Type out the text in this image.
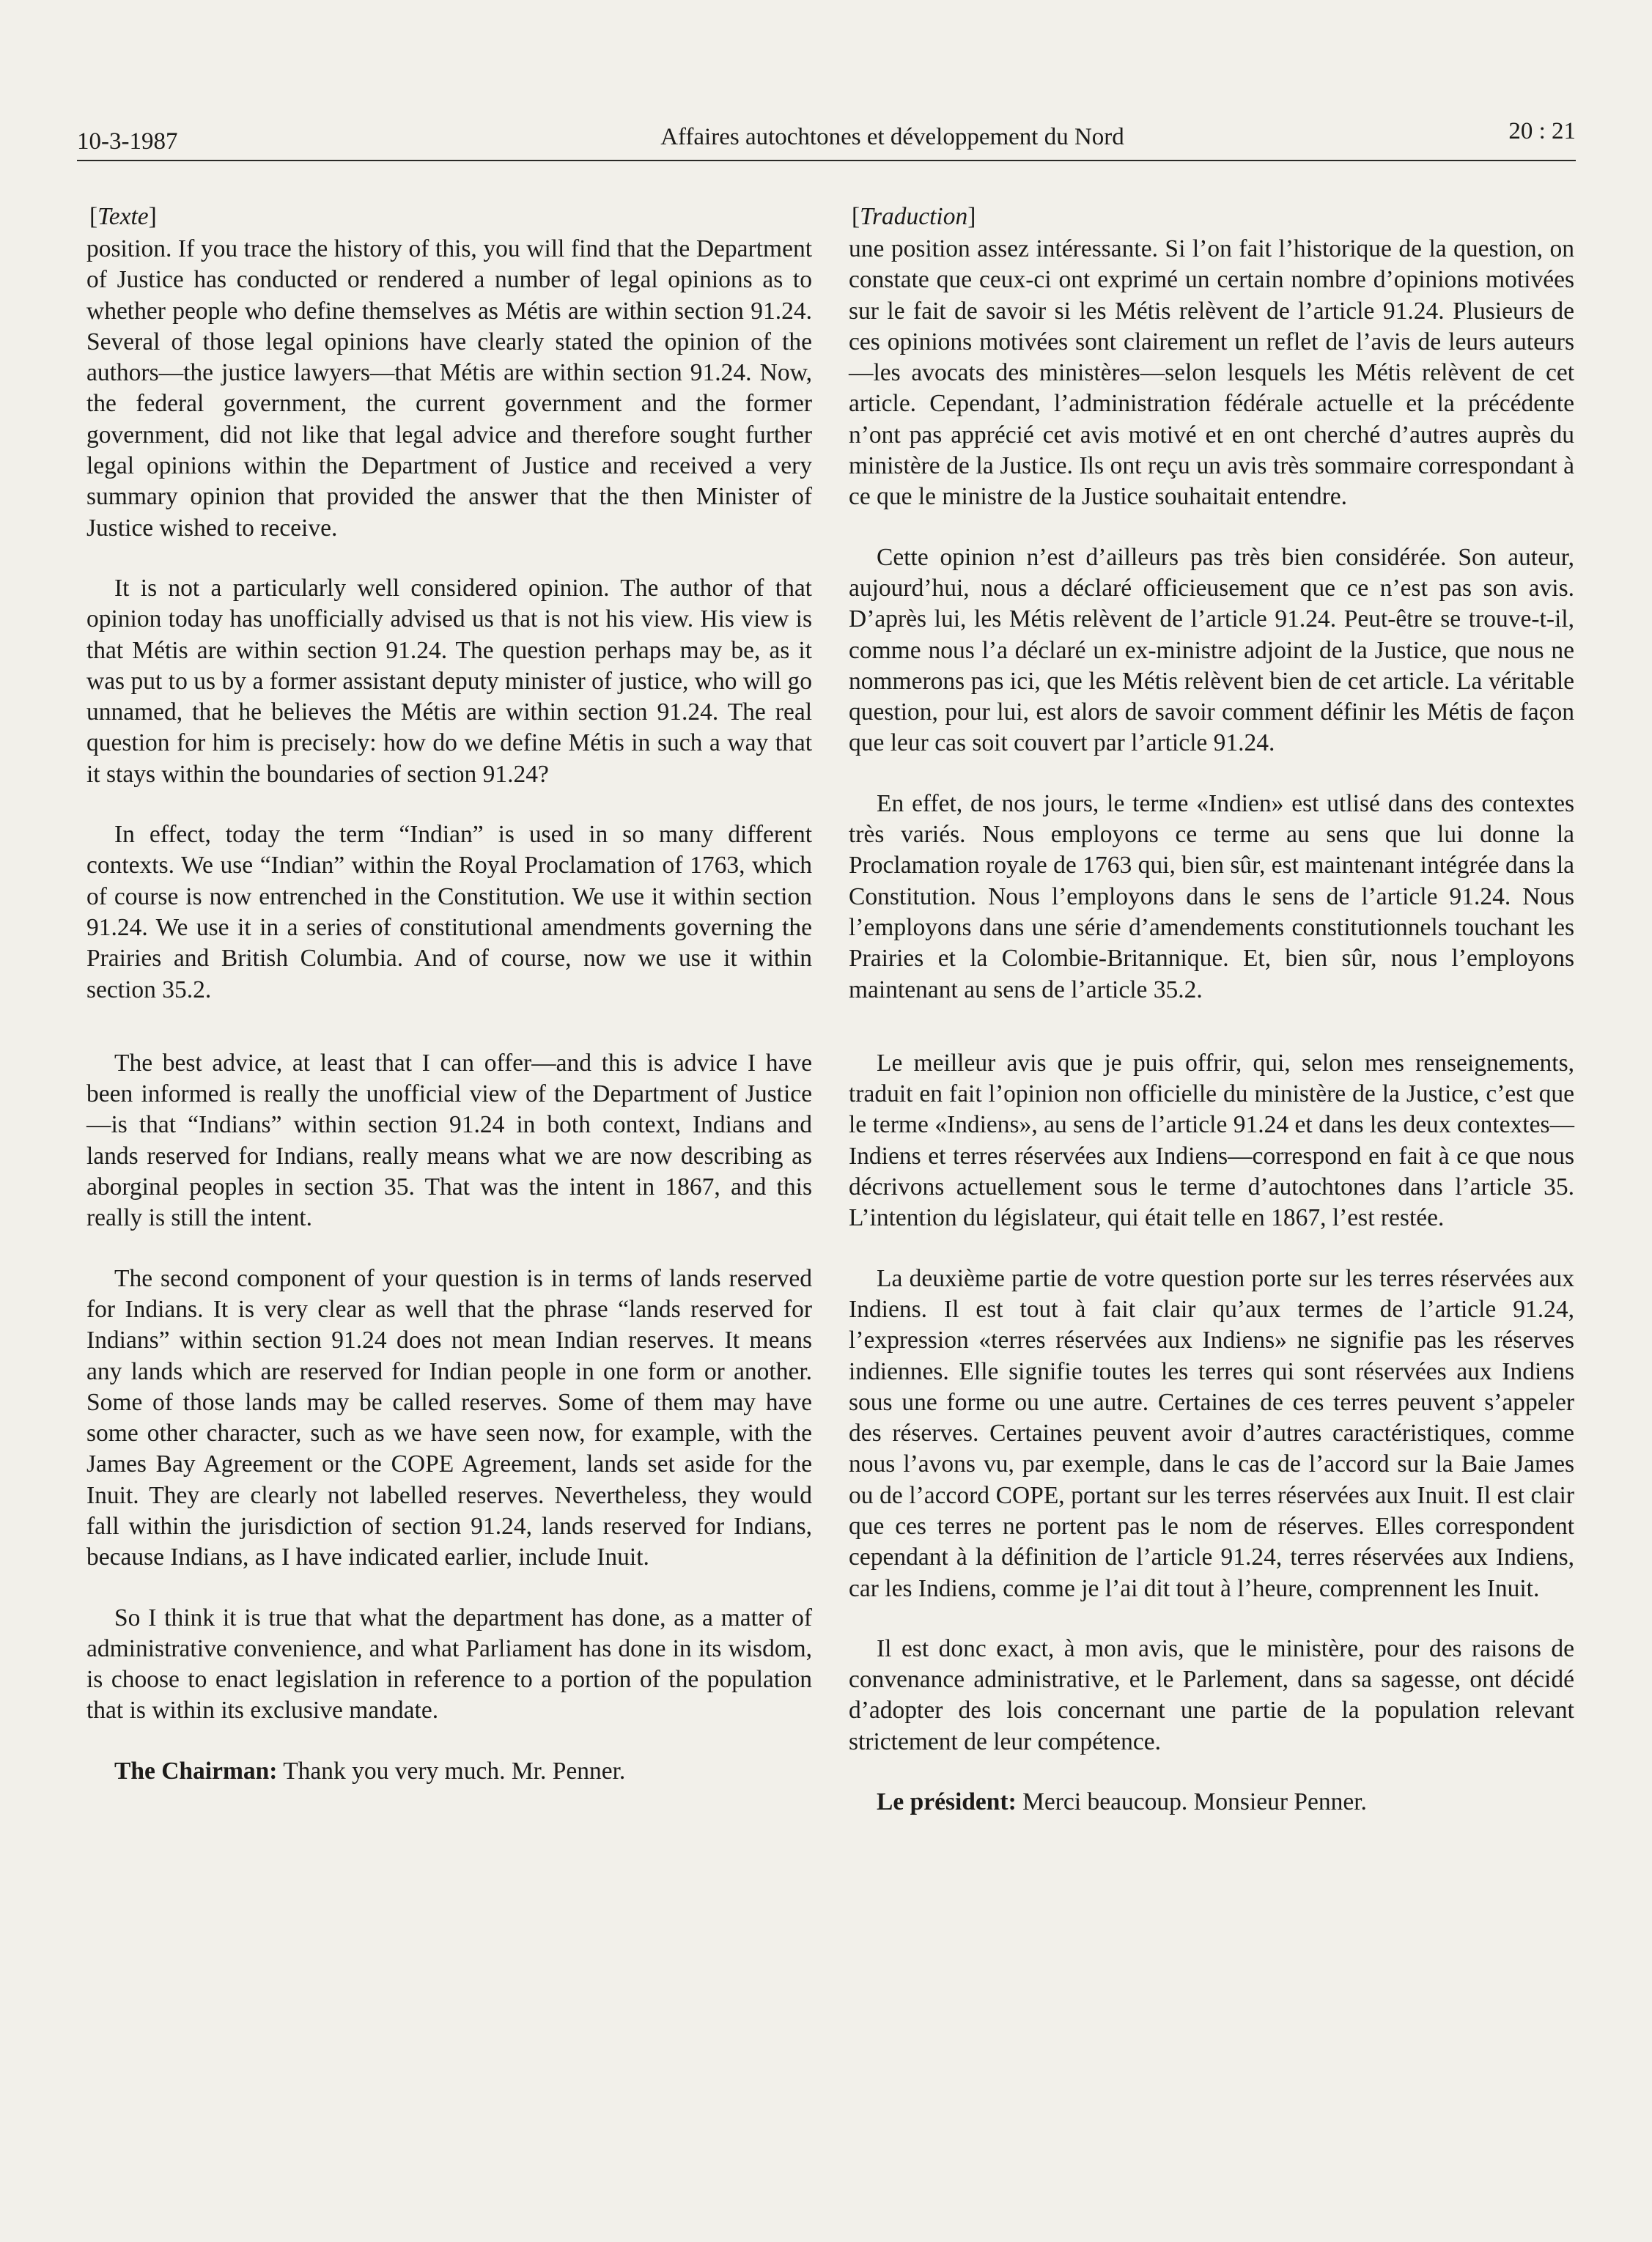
10-3-1987	Affaires autochtones et développement du Nord	20 : 21
[Texte]

position. If you trace the history of this, you will find that the Department of Justice has conducted or rendered a number of legal opinions as to whether people who define themselves as Métis are within section 91.24. Several of those legal opinions have clearly stated the opinion of the authors—the justice lawyers—that Métis are within section 91.24. Now, the federal government, the current government and the former government, did not like that legal advice and therefore sought further legal opinions within the Department of Justice and received a very summary opinion that provided the answer that the then Minister of Justice wished to receive.

It is not a particularly well considered opinion. The author of that opinion today has unofficially advised us that is not his view. His view is that Métis are within section 91.24. The question perhaps may be, as it was put to us by a former assistant deputy minister of justice, who will go unnamed, that he believes the Métis are within section 91.24. The real question for him is precisely: how do we define Métis in such a way that it stays within the boundaries of section 91.24?

In effect, today the term “Indian” is used in so many different contexts. We use “Indian” within the Royal Proclamation of 1763, which of course is now entrenched in the Constitution. We use it within section 91.24. We use it in a series of constitutional amendments governing the Prairies and British Columbia. And of course, now we use it within section 35.2.

The best advice, at least that I can offer—and this is advice I have been informed is really the unofficial view of the Department of Justice—is that “Indians” within section 91.24 in both context, Indians and lands reserved for Indians, really means what we are now describing as aborginal peoples in section 35. That was the intent in 1867, and this really is still the intent.

The second component of your question is in terms of lands reserved for Indians. It is very clear as well that the phrase “lands reserved for Indians” within section 91.24 does not mean Indian reserves. It means any lands which are reserved for Indian people in one form or another. Some of those lands may be called reserves. Some of them may have some other character, such as we have seen now, for example, with the James Bay Agreement or the COPE Agreement, lands set aside for the Inuit. They are clearly not labelled reserves. Nevertheless, they would fall within the jurisdiction of section 91.24, lands reserved for Indians, because Indians, as I have indicated earlier, include Inuit.

So I think it is true that what the department has done, as a matter of administrative convenience, and what Parliament has done in its wisdom, is choose to enact legislation in reference to a portion of the population that is within its exclusive mandate.

The Chairman: Thank you very much. Mr. Penner.

[Traduction]

une position assez intéressante. Si l’on fait l’historique de la question, on constate que ceux-ci ont exprimé un certain nombre d’opinions motivées sur le fait de savoir si les Métis relèvent de l’article 91.24. Plusieurs de ces opinions motivées sont clairement un reflet de l’avis de leurs auteurs—les avocats des ministères—selon lesquels les Métis relèvent de cet article. Cependant, l’administration fédérale actuelle et la précédente n’ont pas apprécié cet avis motivé et en ont cherché d’autres auprès du ministère de la Justice. Ils ont reçu un avis très sommaire correspondant à ce que le ministre de la Justice souhaitait entendre.

Cette opinion n’est d’ailleurs pas très bien considérée. Son auteur, aujourd’hui, nous a déclaré officieusement que ce n’est pas son avis. D’après lui, les Métis relèvent de l’article 91.24. Peut-être se trouve-t-il, comme nous l’a déclaré un ex-ministre adjoint de la Justice, que nous ne nommerons pas ici, que les Métis relèvent bien de cet article. La véritable question, pour lui, est alors de savoir comment définir les Métis de façon que leur cas soit couvert par l’article 91.24.

En effet, de nos jours, le terme «Indien» est utlisé dans des contextes très variés. Nous employons ce terme au sens que lui donne la Proclamation royale de 1763 qui, bien sûr, est maintenant intégrée dans la Constitution. Nous l’employons dans le sens de l’article 91.24. Nous l’employons dans une série d’amendements constitutionnels touchant les Prairies et la Colombie-Britannique. Et, bien sûr, nous l’employons maintenant au sens de l’article 35.2.

Le meilleur avis que je puis offrir, qui, selon mes renseignements, traduit en fait l’opinion non officielle du ministère de la Justice, c’est que le terme «Indiens», au sens de l’article 91.24 et dans les deux contextes—Indiens et terres réservées aux Indiens—correspond en fait à ce que nous décrivons actuellement sous le terme d’autochtones dans l’article 35. L’intention du législateur, qui était telle en 1867, l’est restée.

La deuxième partie de votre question porte sur les terres réservées aux Indiens. Il est tout à fait clair qu’aux termes de l’article 91.24, l’expression «terres réservées aux Indiens» ne signifie pas les réserves indiennes. Elle signifie toutes les terres qui sont réservées aux Indiens sous une forme ou une autre. Certaines de ces terres peuvent s’appeler des réserves. Certaines peuvent avoir d’autres caractéristiques, comme nous l’avons vu, par exemple, dans le cas de l’accord sur la Baie James ou de l’accord COPE, portant sur les terres réservées aux Inuit. Il est clair que ces terres ne portent pas le nom de réserves. Elles correspondent cependant à la définition de l’article 91.24, terres réservées aux Indiens, car les Indiens, comme je l’ai dit tout à l’heure, comprennent les Inuit.

Il est donc exact, à mon avis, que le ministère, pour des raisons de convenance administrative, et le Parlement, dans sa sagesse, ont décidé d’adopter des lois concernant une partie de la population relevant strictement de leur compétence.

Le président: Merci beaucoup. Monsieur Penner.
